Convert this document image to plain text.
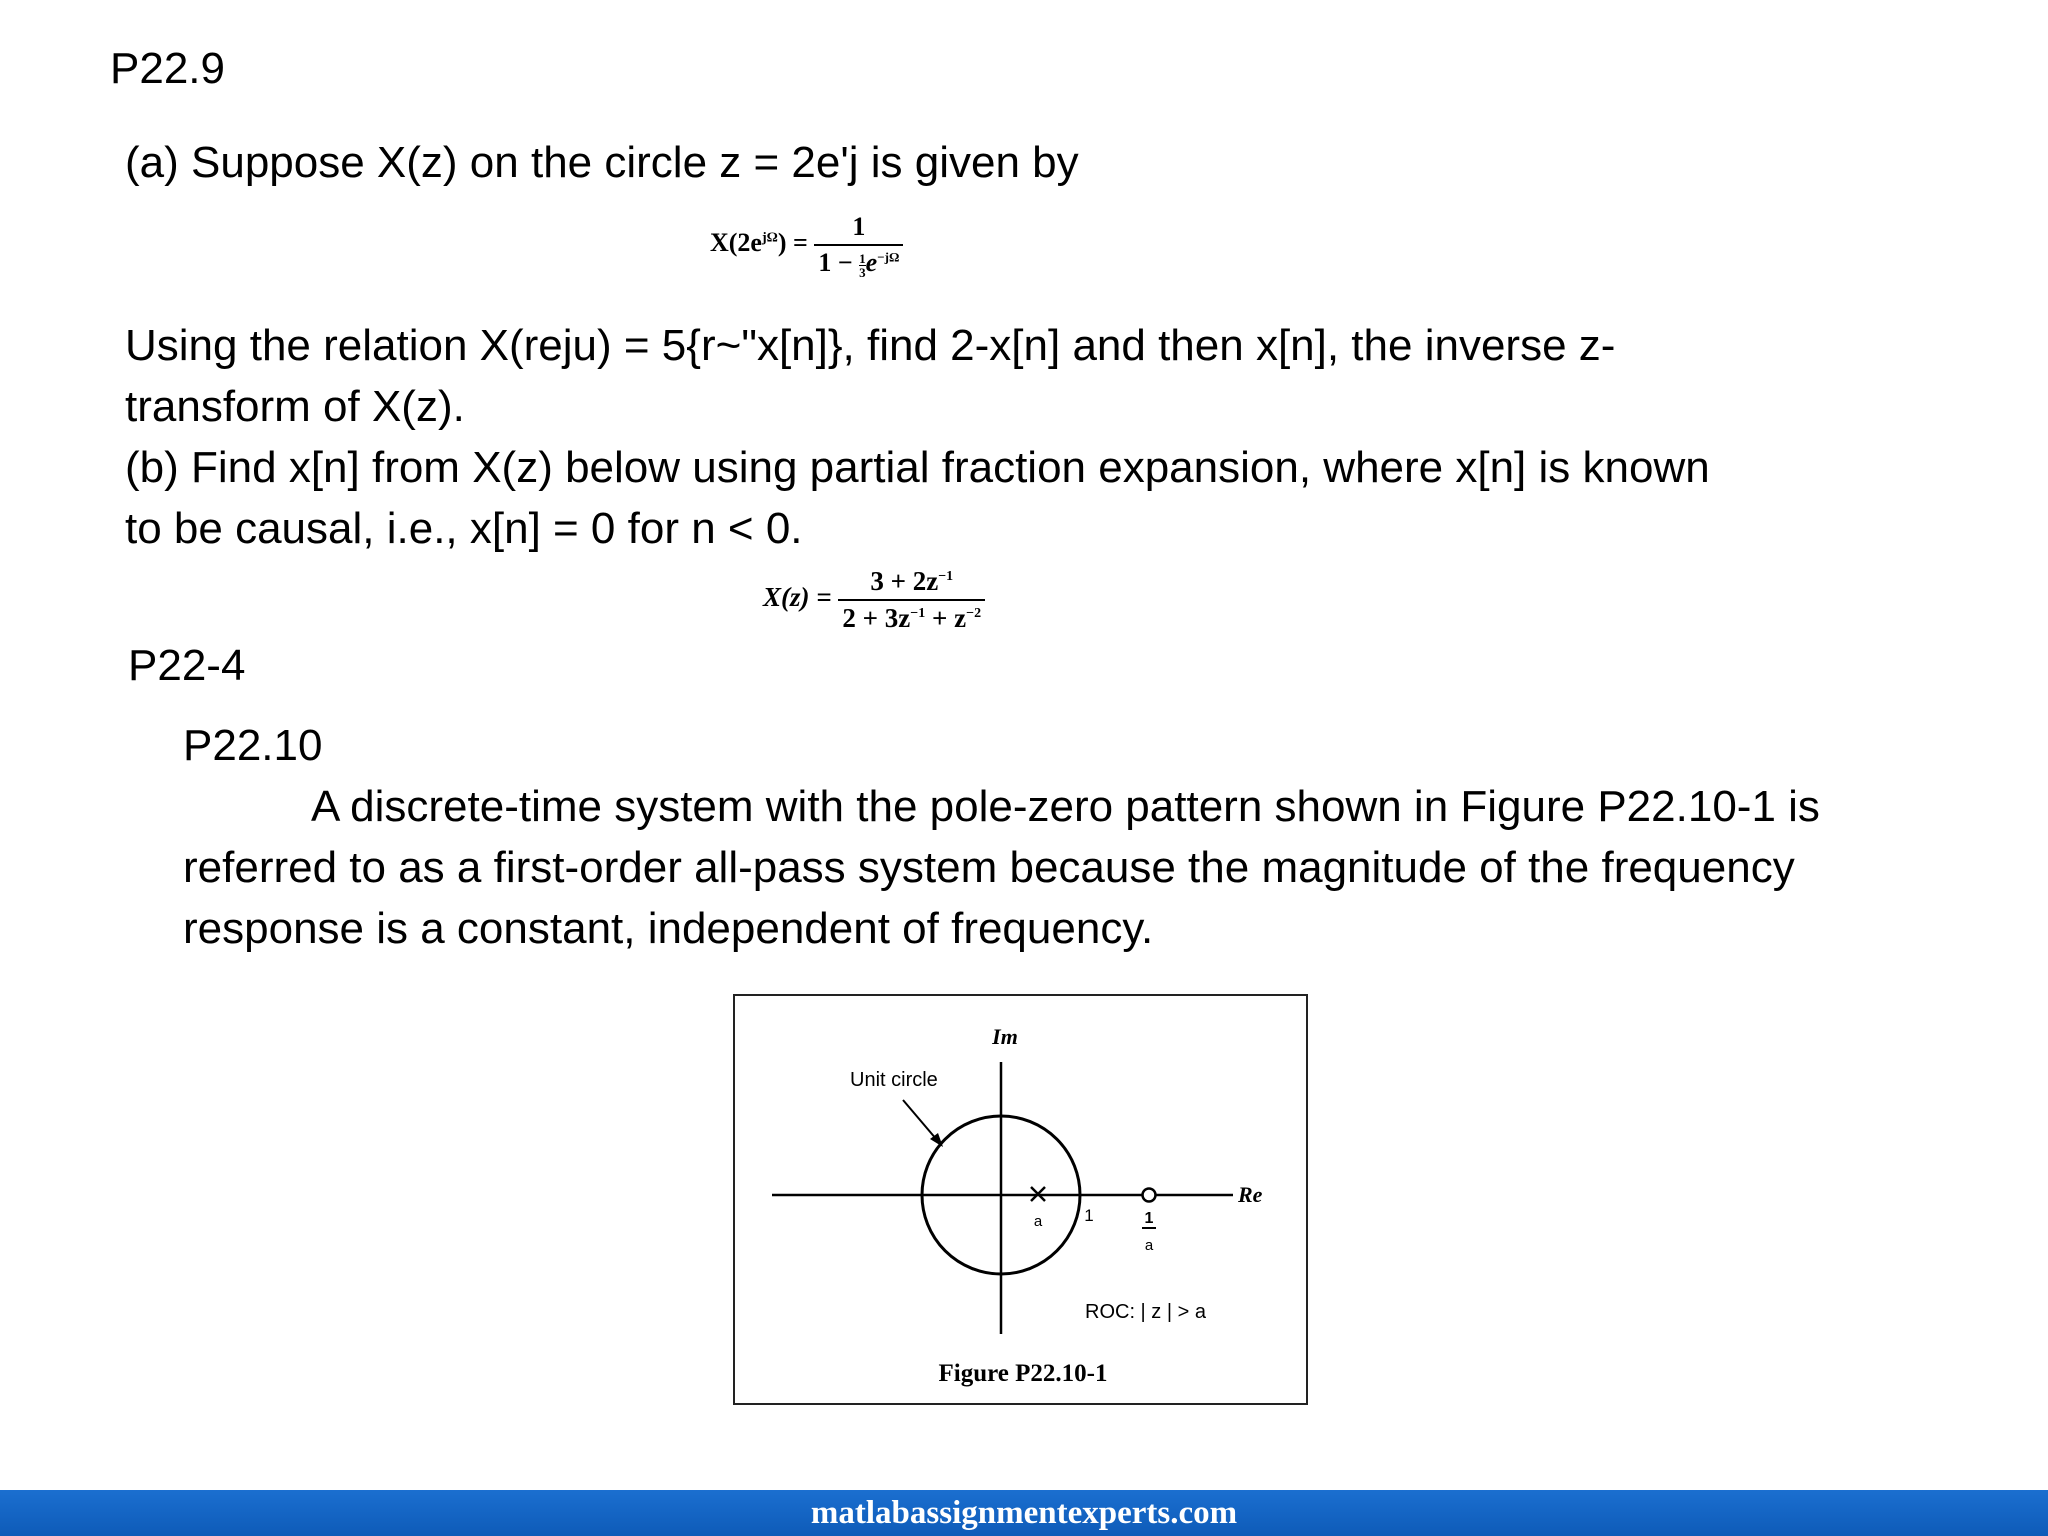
P22.9
(a) Suppose X(z) on the circle z = 2e'j is given by
$X(2e^{j\Omega}) = \frac{1}{1 - \frac{1}{3} e^{-j\Omega}}$
Using the relation X(reju) = 5{r~"x[n]}, find 2-x[n] and then x[n], the inverse z-
transform of X(z).
(b) Find x[n] from X(z) below using partial fraction expansion, where x[n] is known
to be causal, i.e., x[n] = 0 for n < 0.
$X(z) = \frac{3 + 2z^{-1}}{2 + 3z^{-1} + z^{-2}}$
P22-4
P22.10
A discrete-time system with the pole-zero pattern shown in Figure P22.10-1 is
referred to as a first-order all-pass system because the magnitude of the frequency
response is a constant, independent of frequency.
Im
Re
Unit circle
a 1	1
a
ROC: | z | > a
Figure P22.10-1
matlabassignmentexperts.com
